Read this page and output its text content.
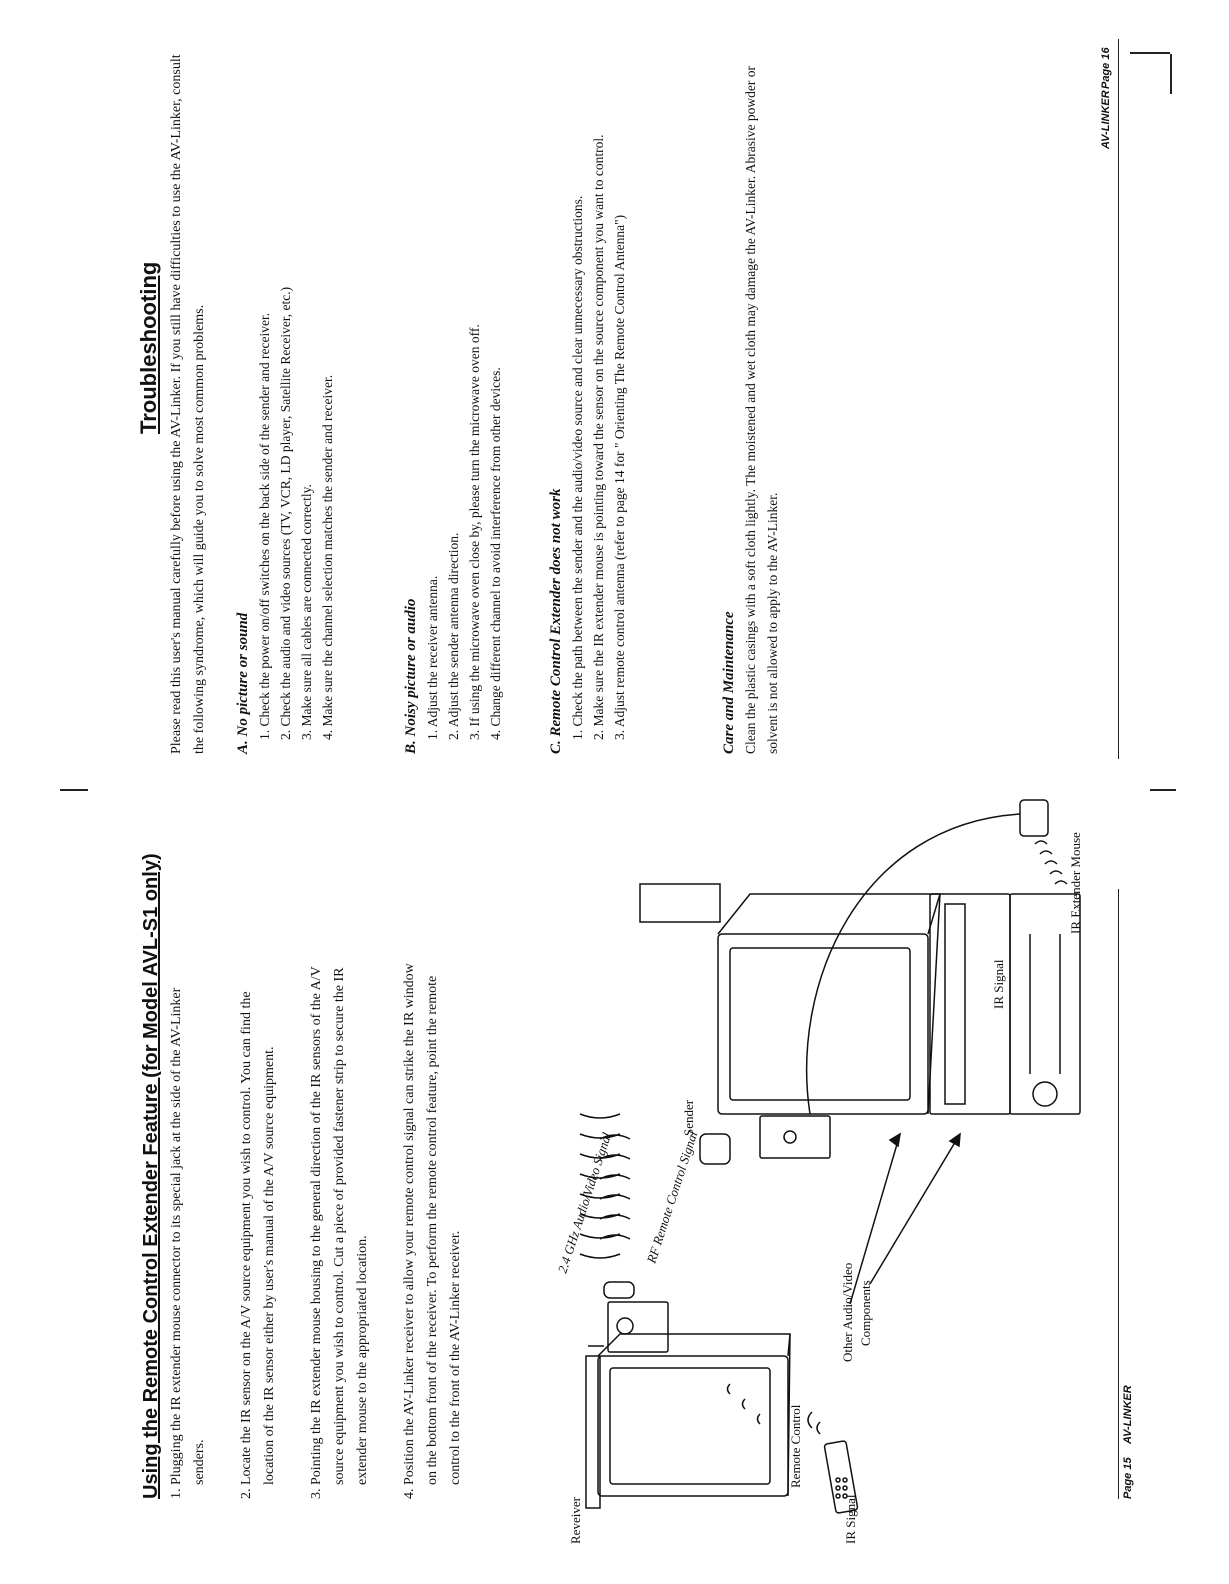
Using the Remote Control Extender Feature (for Model AVL-S1 only) 1. Plugging the IR extender mouse connector to its special jack at the side of the AV-Linker senders. 2. Locate the IR sensor on the A/V source equipment you wish to control. You can find the location of the IR sensor either by user's manual of the A/V source equipment. 3. Pointing the IR extender mouse housing to the general direction of the IR sensors of the A/V source equipment you wish to control. Cut a piece of provided fastener strip to secure the IR extender mouse to the appropriated location. 4. Position the AV-Linker receiver to allow your remote control signal can strike the IR window on the bottom front of the receiver. To perform the remote control feature, point the remote control to the front of the AV-Linker receiver.
Reveiver	IR Signal
Remote Control
2.4 GHz Audio/Video Signal RF Remote Control Signal
Other Audio/Video Components
Sender
IR Signal
IR Extender Mouse
Page 15
AV-LINKER
Troubleshooting Please read this user's manual carefully before using the AV-Linker. If you still have difficulties to use the AV-Linker, consult the following syndrome, which will guide you to solve most common problems. A. No picture or sound 1. Check the power on/off switches on the back side of the sender and receiver. 2. Check the audio and video sources (TV, VCR, LD player, Satellite Receiver, etc.) 3. Make sure all cables are connected correctly. 4. Make sure the channel selection matches the sender and receiver.	B. Noisy picture or audio 1. Adjust the receiver antenna. 2. Adjust the sender antenna direction. 3. If using the microwave oven close by, please turn the microwave oven off. 4. Change different channel to avoid interference from other devices.	C. Remote Control Extender does not work 1. Check the path between the sender and the audio/video source and clear unnecessary obstructions. 2. Make sure the IR extender mouse is pointing toward the sensor on the source component you want to control. 3. Adjust remote control antenna (refer to page 14 for " Orienting The Remote Control Antenna")	Care and Maintenance Clean the plastic casings with a soft cloth lightly. The moistened and wet cloth may damage the AV-Linker. Abrasive powder or solvent is not allowed to apply to the AV-Linker.

AV-LINKER
Page 16
